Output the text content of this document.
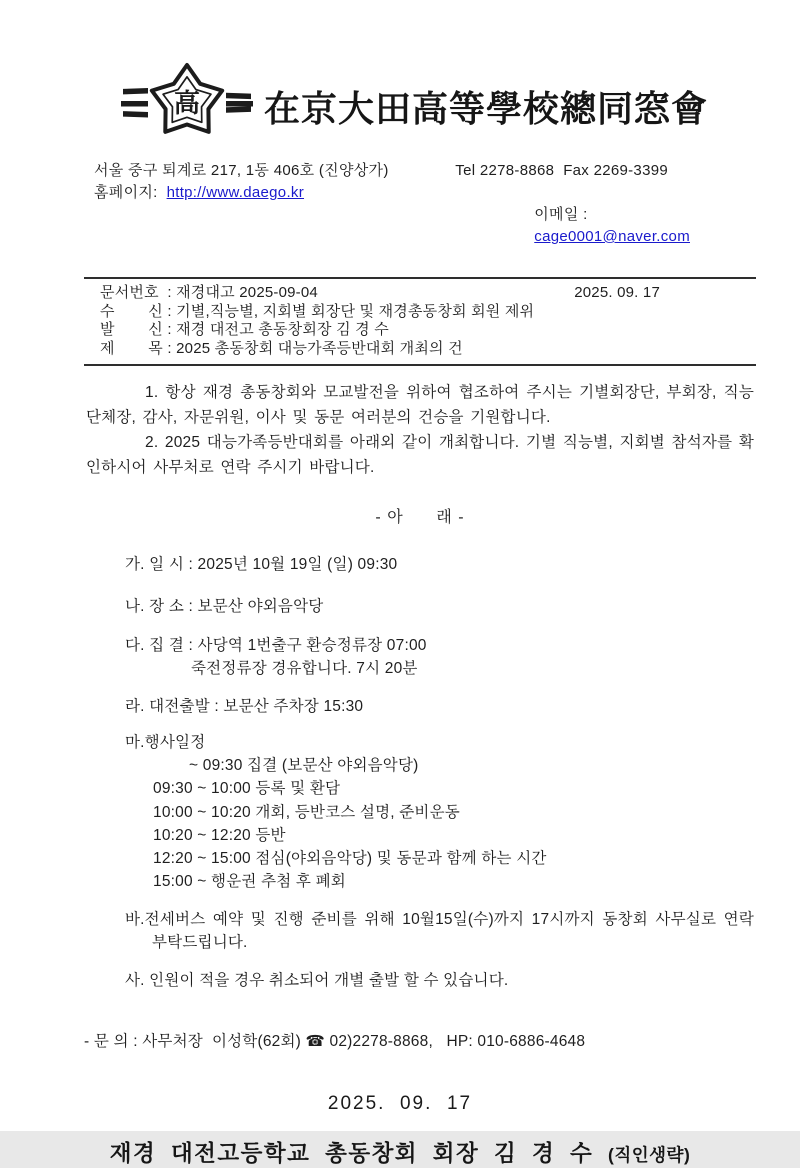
高 在京大田高等學校總同窓會
서울 중구 퇴계로 217, 1동 406호 (진양상가)	Tel 2278-8868  Fax 2269-3399
홈페이지:  http://www.daego.kr

이메일 :
cage0001@naver.com

문서번호 : 재경대고 2025-09-04	2025. 09. 17
수 신 : 기별,직능별, 지회별 회장단 및 재경총동창회 회원 제위
발 신 : 재경 대전고 총동창회장 김 경 수
제 목 : 2025 총동창회 대능가족등반대회 개최의 건

1. 항상 재경 총동창회와 모교발전을 위하여 협조하여 주시는 기별회장단, 부회장, 직능단체장, 감사, 자문위원, 이사 및 동문 여러분의 건승을 기원합니다.

2. 2025 대능가족등반대회를 아래외 같이 개최합니다. 기별 직능별, 지회별 참석자를 확인하시어 사무처로 연락 주시기 바랍니다.

- 아      래 -
가. 일 시 : 2025년 10월 19일 (일) 09:30
나. 장 소 : 보문산 야외음악당
다. 집 결 : 사당역 1번출구 환승정류장 07:00
죽전정류장 경유합니다. 7시 20분
라. 대전출발 : 보문산 주차장 15:30
마.행사일정
~ 09:30 집결 (보문산 야외음악당)
09:30 ~ 10:00 등록 및 환담
10:00 ~ 10:20 개회, 등반코스 설명, 준비운동
10:20 ~ 12:20 등반
12:20 ~ 15:00 점심(야외음악당) 및 동문과 함께 하는 시간
15:00 ~ 행운권 추첨 후 폐회
바.전세버스 예약 및 진행 준비를 위해 10월15일(수)까지 17시까지 동창회 사무실로 연락 부탁드립니다.
사. 인원이 적을 경우 취소되어 개별 출발 할 수 있습니다.
- 문 의 : 사무처장  이성학(62회) ☎ 02)2278-8868,   HP: 010-6886-4648
2025.  09.  17
재경 대전고등학교 총동창회 회장 김 경 수 (직인생략)
